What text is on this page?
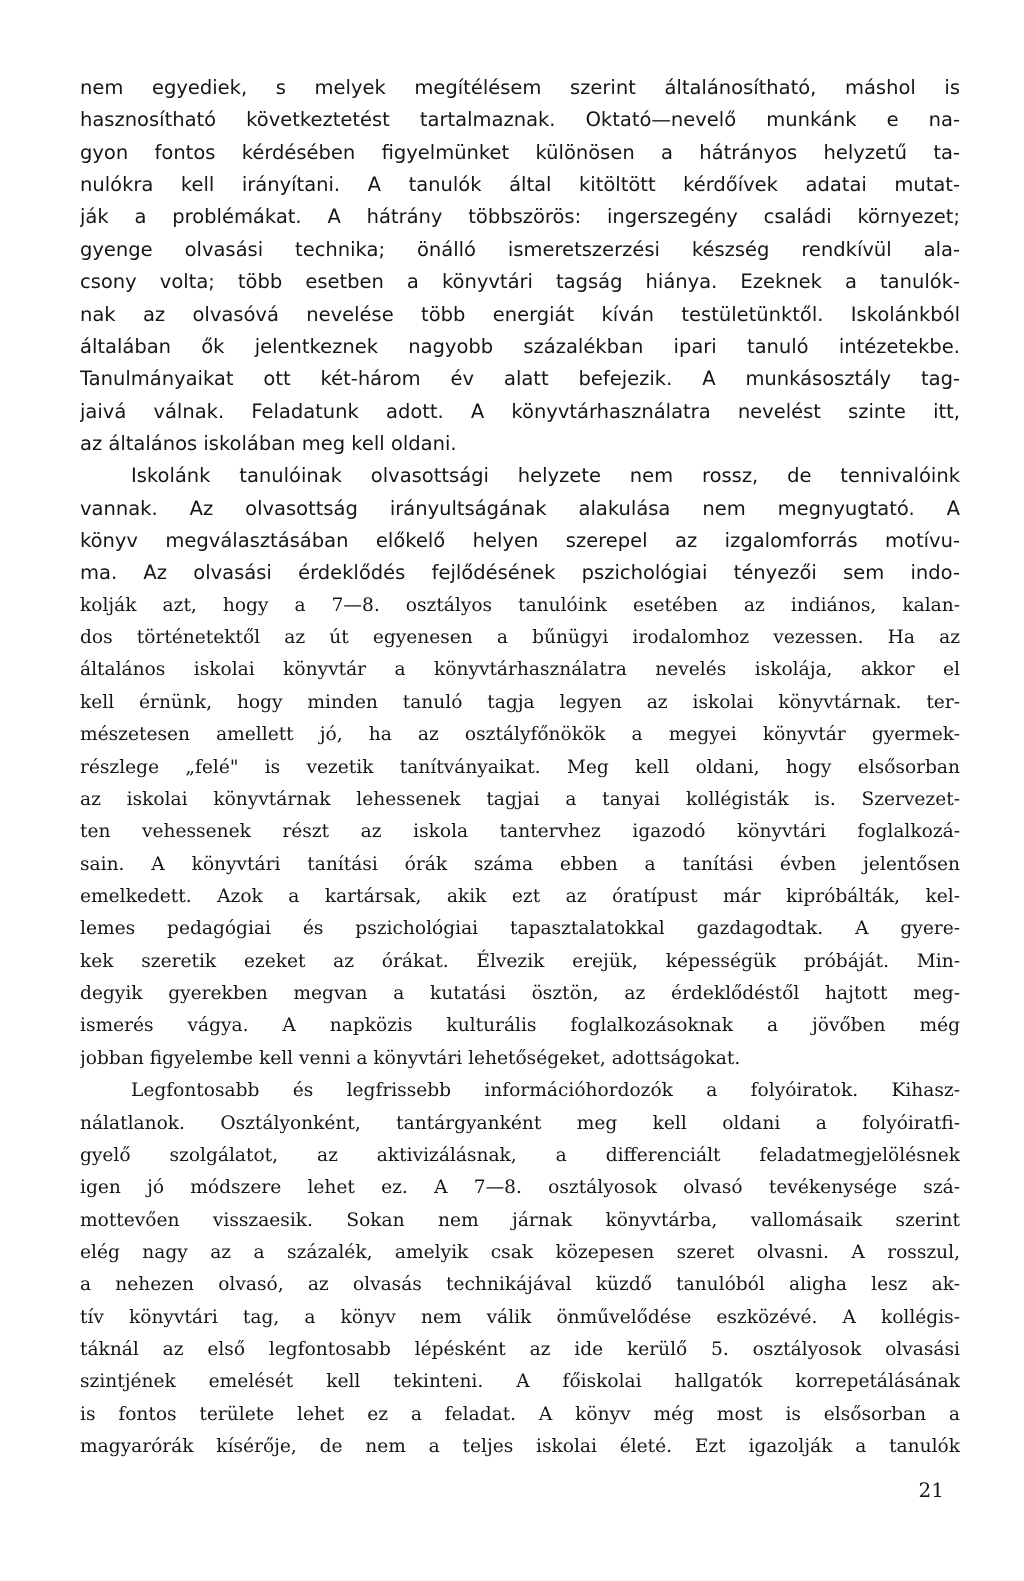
nem egyediek, s melyek megítélésem szerint általánosítható, máshol is
hasznosítható következtetést tartalmaznak. Oktató—nevelő munkánk e na-
gyon fontos kérdésében figyelmünket különösen a hátrányos helyzetű ta-
nulókra kell irányítani. A tanulók által kitöltött kérdőívek adatai mutat-
ják a problémákat. A hátrány többszörös: ingerszegény családi környezet;
gyenge olvasási technika; önálló ismeretszerzési készség rendkívül ala-
csony volta; több esetben a könyvtári tagság hiánya. Ezeknek a tanulók-
nak az olvasóvá nevelése több energiát kíván testületünktől. Iskolánkból
általában ők jelentkeznek nagyobb százalékban ipari tanuló intézetekbe.
Tanulmányaikat ott két-három év alatt befejezik. A munkásosztály tag-
jaivá válnak. Feladatunk adott. A könyvtárhasználatra nevelést szinte itt,
az általános iskolában meg kell oldani.
Iskolánk tanulóinak olvasottsági helyzete nem rossz, de tennivalóink
vannak. Az olvasottság irányultságának alakulása nem megnyugtató. A
könyv megválasztásában előkelő helyen szerepel az izgalomforrás motívu-
ma. Az olvasási érdeklődés fejlődésének pszichológiai tényezői sem indo-
kolják azt, hogy a 7—8. osztályos tanulóink esetében az indiános, kalan-
dos történetektől az út egyenesen a bűnügyi irodalomhoz vezessen. Ha az
általános iskolai könyvtár a könyvtárhasználatra nevelés iskolája, akkor el
kell érnünk, hogy minden tanuló tagja legyen az iskolai könyvtárnak. ter-
mészetesen amellett jó, ha az osztályfőnökök a megyei könyvtár gyermek-
részlege „felé" is vezetik tanítványaikat. Meg kell oldani, hogy elsősorban
az iskolai könyvtárnak lehessenek tagjai a tanyai kollégisták is. Szervezet-
ten vehessenek részt az iskola tantervhez igazodó könyvtári foglalkozá-
sain. A könyvtári tanítási órák száma ebben a tanítási évben jelentősen
emelkedett. Azok a kartársak, akik ezt az óratípust már kipróbálták, kel-
lemes pedagógiai és pszichológiai tapasztalatokkal gazdagodtak. A gyere-
kek szeretik ezeket az órákat. Élvezik erejük, képességük próbáját. Min-
degyik gyerekben megvan a kutatási ösztön, az érdeklődéstől hajtott meg-
ismerés vágya. A napközis kulturális foglalkozásoknak a jövőben még
jobban figyelembe kell venni a könyvtári lehetőségeket, adottságokat.
Legfontosabb és legfrissebb információhordozók a folyóiratok. Kihasz-
nálatlanok. Osztályonként, tantárgyanként meg kell oldani a folyóiratfi-
gyelő szolgálatot, az aktivizálásnak, a differenciált feladatmegjelölésnek
igen jó módszere lehet ez. A 7—8. osztályosok olvasó tevékenysége szá-
mottevően visszaesik. Sokan nem járnak könyvtárba, vallomásaik szerint
elég nagy az a százalék, amelyik csak közepesen szeret olvasni. A rosszul,
a nehezen olvasó, az olvasás technikájával küzdő tanulóból aligha lesz ak-
tív könyvtári tag, a könyv nem válik önművelődése eszközévé. A kollégis-
táknál az első legfontosabb lépésként az ide kerülő 5. osztályosok olvasási
szintjének emelését kell tekinteni. A főiskolai hallgatók korrepetálásának
is fontos területe lehet ez a feladat. A könyv még most is elsősorban a
magyarórák kísérője, de nem a teljes iskolai életé. Ezt igazolják a tanulók
21
